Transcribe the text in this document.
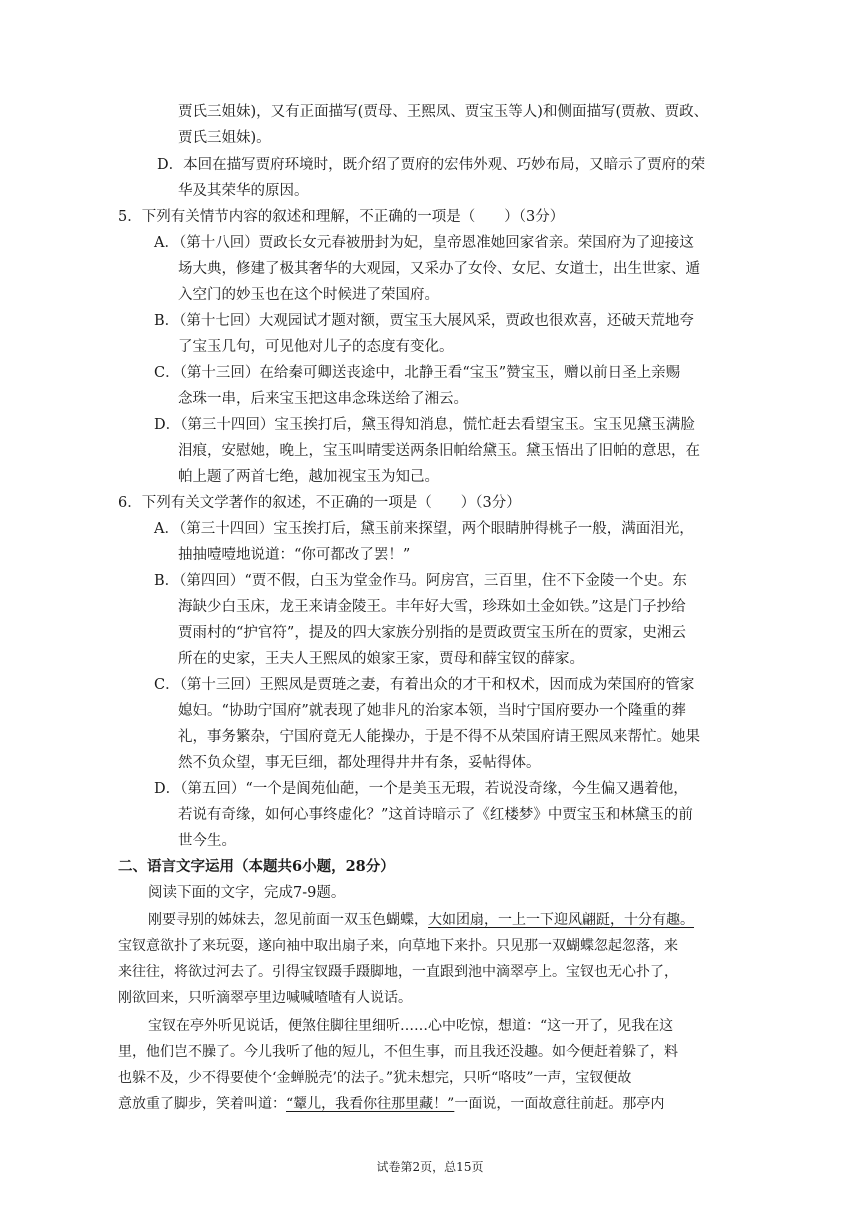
贾氏三姐妹)，又有正面描写(贾母、王熙凤、贾宝玉等人)和侧面描写(贾赦、贾政、
贾氏三姐妹)。
D．本回在描写贾府环境时，既介绍了贾府的宏伟外观、巧妙布局，又暗示了贾府的荣
华及其荣华的原因。
5．下列有关情节内容的叙述和理解，不正确的一项是（　　）（3分）
A．（第十八回）贾政长女元春被册封为妃，皇帝恩准她回家省亲。荣国府为了迎接这
场大典，修建了极其奢华的大观园，又采办了女伶、女尼、女道士，出生世家、遁
入空门的妙玉也在这个时候进了荣国府。
B．（第十七回）大观园试才题对额，贾宝玉大展风采，贾政也很欢喜，还破天荒地夸
了宝玉几句，可见他对儿子的态度有变化。
C．（第十三回）在给秦可卿送丧途中，北静王看“宝玉”赞宝玉，赠以前日圣上亲赐
念珠一串，后来宝玉把这串念珠送给了湘云。
D．（第三十四回）宝玉挨打后，黛玉得知消息，慌忙赶去看望宝玉。宝玉见黛玉满脸
泪痕，安慰她，晚上，宝玉叫晴雯送两条旧帕给黛玉。黛玉悟出了旧帕的意思，在
帕上题了两首七绝，越加视宝玉为知己。
6．下列有关文学著作的叙述，不正确的一项是（　　）（3分）
A．（第三十四回）宝玉挨打后，黛玉前来探望，两个眼睛肿得桃子一般，满面泪光，
抽抽噎噎地说道：“你可都改了罢！”
B．（第四回）“贾不假，白玉为堂金作马。阿房宫，三百里，住不下金陵一个史。东
海缺少白玉床，龙王来请金陵王。丰年好大雪，珍珠如土金如铁。”这是门子抄给
贾雨村的“护官符”，提及的四大家族分别指的是贾政贾宝玉所在的贾家，史湘云
所在的史家，王夫人王熙凤的娘家王家，贾母和薛宝钗的薛家。
C．（第十三回）王熙凤是贾琏之妻，有着出众的才干和权术，因而成为荣国府的管家
媳妇。“协助宁国府”就表现了她非凡的治家本领，当时宁国府要办一个隆重的葬
礼，事务繁杂，宁国府竟无人能操办，于是不得不从荣国府请王熙凤来帮忙。她果
然不负众望，事无巨细，都处理得井井有条，妥帖得体。
D．（第五回）“一个是阆苑仙葩，一个是美玉无瑕，若说没奇缘，今生偏又遇着他，
若说有奇缘，如何心事终虚化？”这首诗暗示了《红楼梦》中贾宝玉和林黛玉的前
世今生。
二、语言文字运用（本题共6小题，28分）
阅读下面的文字，完成7-9题。
刚要寻别的姊妹去，忽见前面一双玉色蝴蝶，大如团扇，一上一下迎风翩跹，十分有趣。
宝钗意欲扑了来玩耍，遂向袖中取出扇子来，向草地下来扑。只见那一双蝴蝶忽起忽落，来
来往往，将欲过河去了。引得宝钗蹑手蹑脚地，一直跟到池中滴翠亭上。宝钗也无心扑了，
刚欲回来，只听滴翠亭里边喊喊喳喳有人说话。
宝钗在亭外听见说话，便煞住脚往里细听……心中吃惊，想道：“这一开了，见我在这
里，他们岂不臊了。今儿我听了他的短儿，不但生事，而且我还没趣。如今便赶着躲了，料
也躲不及，少不得要使个‘金蝉脱壳’的法子。”犹未想完，只听“咯吱”一声，宝钗便故
意放重了脚步，笑着叫道：“颦儿，我看你往那里藏！”一面说，一面故意往前赶。那亭内
试卷第2页，总15页
